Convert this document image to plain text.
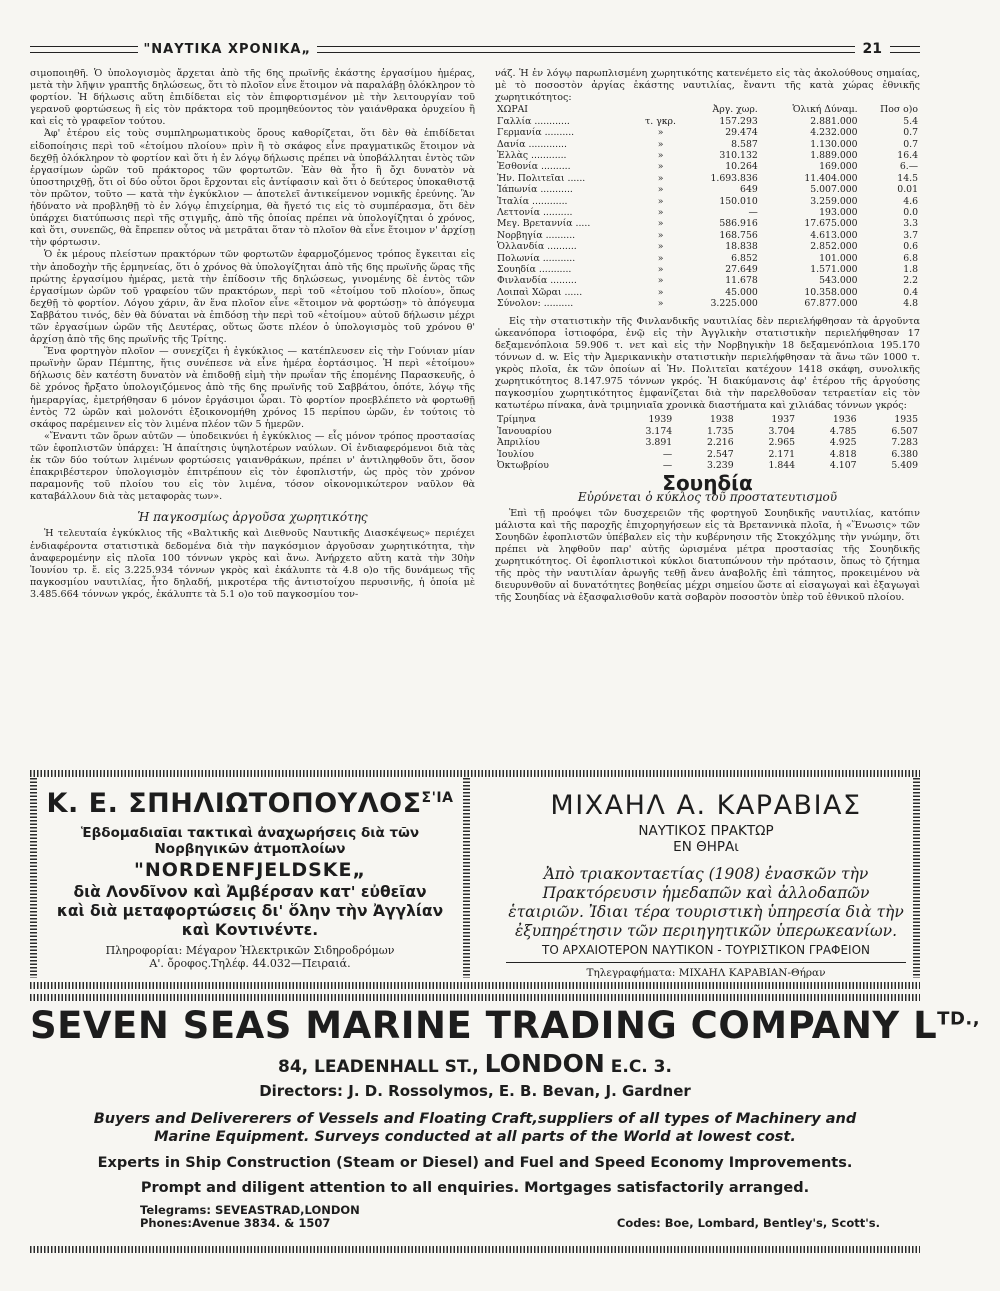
"ΝΑΥΤΙΚΑ ΧΡΟΝΙΚΑ„	21

σιμοποιηθῆ. Ὁ ὑπολογισμὸς ἄρχεται ἀπὸ τῆς 6ης πρωϊνῆς ἑκάστης ἐργασίμου ἡμέρας, μετὰ τὴν λῆψιν γραπτῆς δηλώσεως, ὅτι τὸ πλοῖον εἶνε ἕτοιμον νὰ παραλάβῃ ὁλόκληρον τὸ φορτίον. Ἡ δήλωσις αὕτη ἐπιδίδεται εἰς τὸν ἐπιφορτισμένον μὲ τὴν λειτουργίαν τοῦ γερανοῦ φορτώσεως ἢ εἰς τὸν πράκτορα τοῦ προμηθεύοντος τὸν γαιάνθρακα ὀρυχείου ἢ καὶ εἰς τὸ γραφεῖον τούτου.

Ἀφ' ἑτέρου εἰς τοὺς συμπληρωματικοὺς ὅρους καθορίζεται, ὅτι δὲν θὰ ἐπιδίδεται εἰδοποίησις περὶ τοῦ «ἑτοίμου πλοίου» πρὶν ἢ τὸ σκάφος εἶνε πραγματικῶς ἕτοιμον νὰ δεχθῇ ὁλόκληρον τὸ φορτίον καὶ ὅτι ἡ ἐν λόγῳ δήλωσις πρέπει νὰ ὑποβάλληται ἐντὸς τῶν ἐργασίμων ὡρῶν τοῦ πράκτορος τῶν φορτωτῶν. Ἐὰν θὰ ἦτο ἢ ὄχι δυνατὸν νὰ ὑποστηριχθῇ, ὅτι οἱ δύο οὗτοι ὅροι ἔρχονται εἰς ἀντίφασιν καὶ ὅτι ὁ δεύτερος ὑποκαθιστᾷ τὸν πρῶτον, τοῦτο — κατὰ τὴν ἐγκύκλιον — ἀποτελεῖ ἀντικείμενον νομικῆς ἐρεύνης. Ἂν ἠδύνατο νὰ προβληθῇ τὸ ἐν λόγῳ ἐπιχείρημα, θὰ ἤγετό τις εἰς τὸ συμπέρασμα, ὅτι δὲν ὑπάρχει διατύπωσις περὶ τῆς στιγμῆς, ἀπὸ τῆς ὁποίας πρέπει νὰ ὑπολογίζηται ὁ χρόνος, καὶ ὅτι, συνεπῶς, θὰ ἔπρεπεν οὗτος νὰ μετρᾶται ὅταν τὸ πλοῖον θὰ εἶνε ἕτοιμον ν' ἀρχίσῃ τὴν φόρτωσιν.

Ὁ ἐκ μέρους πλείστων πρακτόρων τῶν φορτωτῶν ἐφαρμοζόμενος τρόπος ἔγκειται εἰς τὴν ἀποδοχὴν τῆς ἑρμηνείας, ὅτι ὁ χρόνος θὰ ὑπολογίζηται ἀπὸ τῆς 6ης πρωϊνῆς ὥρας τῆς πρώτης ἐργασίμου ἡμέρας, μετὰ τὴν ἐπίδοσιν τῆς δηλώσεως, γινομένης δὲ ἐντὸς τῶν ἐργασίμων ὡρῶν τοῦ γραφείου τῶν πρακτόρων, περὶ τοῦ «ἑτοίμου τοῦ πλοίου», ὅπως δεχθῇ τὸ φορτίον. Λόγου χάριν, ἂν ἕνα πλοῖον εἶνε «ἕτοιμον νὰ φορτώσῃ» τὸ ἀπόγευμα Σαββάτου τινός, δὲν θὰ δύναται νὰ ἐπιδόσῃ τὴν περὶ τοῦ «ἑτοίμου» αὐτοῦ δήλωσιν μέχρι τῶν ἐργασίμων ὡρῶν τῆς Δευτέρας, οὕτως ὥστε πλέον ὁ ὑπολογισμὸς τοῦ χρόνου θ' ἀρχίσῃ ἀπὸ τῆς 6ης πρωϊνῆς τῆς Τρίτης.

Ἕνα φορτηγὸν πλοῖον — συνεχίζει ἡ ἐγκύκλιος — κατέπλευσεν εἰς τὴν Γούνιαν μίαν πρωϊνὴν ὥραν Πέμπτης, ἥτις συνέπεσε νὰ εἶνε ἡμέρα ἑορτάσιμος. Ἡ περὶ «ἑτοίμου» δήλωσις δὲν κατέστη δυνατὸν νὰ ἐπιδοθῇ εἰμὴ τὴν πρωΐαν τῆς ἑπομένης Παρασκευῆς, ὁ δὲ χρόνος ἤρξατο ὑπολογιζόμενος ἀπὸ τῆς 6ης πρωϊνῆς τοῦ Σαββάτου, ὁπότε, λόγῳ τῆς ἡμεραργίας, ἐμετρήθησαν 6 μόνον ἐργάσιμοι ὧραι. Τὸ φορτίον προεβλέπετο νὰ φορτωθῇ ἐντὸς 72 ὡρῶν καὶ μολονότι ἐξοικονομήθη χρόνος 15 περίπου ὡρῶν, ἐν τούτοις τὸ σκάφος παρέμεινεν εἰς τὸν λιμένα πλέον τῶν 5 ἡμερῶν.

«Ἔναντι τῶν ὅρων αὐτῶν — ὑποδεικνύει ἡ ἐγκύκλιος — εἷς μόνον τρόπος προστασίας τῶν ἐφοπλιστῶν ὑπάρχει: Ἡ ἀπαίτησις ὑψηλοτέρων ναύλων. Οἱ ἐνδιαφερόμενοι διὰ τὰς ἐκ τῶν δύο τούτων λιμένων φορτώσεις γαιανθράκων, πρέπει ν' ἀντιληφθοῦν ὅτι, ὅσον ἐπακριβέστερον ὑπολογισμὸν ἐπιτρέπουν εἰς τὸν ἐφοπλιστήν, ὡς πρὸς τὸν χρόνον παραμονῆς τοῦ πλοίου του εἰς τὸν λιμένα, τόσον οἰκονομικώτερον ναῦλον θὰ καταβάλλουν διὰ τὰς μεταφορὰς των».

Ἡ παγκοσμίως ἀργοῦσα χωρητικότης

Ἡ τελευταία ἐγκύκλιος τῆς «Βαλτικῆς καὶ Διεθνοῦς Ναυτικῆς Διασκέψεως» περιέχει ἐνδιαφέροντα στατιστικὰ δεδομένα διὰ τὴν παγκόσμιον ἀργοῦσαν χωρητικότητα, τὴν ἀναφερομένην εἰς πλοῖα 100 τόννων γκρὸς καὶ ἄνω. Ἀνήρχετο αὕτη κατὰ τὴν 30ὴν Ἰουνίου τρ. ἔ. εἰς 3.225.934 τόννων γκρὸς καὶ ἐκάλυπτε τὰ 4.8 ο)ο τῆς δυνάμεως τῆς παγκοσμίου ναυτιλίας, ἦτο δηλαδή, μικροτέρα τῆς ἀντιστοίχου περυσινῆς, ἡ ὁποία μὲ 3.485.664 τόννων γκρός, ἐκάλυπτε τὰ 5.1 ο)ο τοῦ παγκοσμίου τον-

νάζ. Ἡ ἐν λόγῳ παρωπλισμένη χωρητικότης κατενέμετο εἰς τὰς ἀκολούθους σημαίας, μὲ τὸ ποσοστὸν ἀργίας ἑκάστης ναυτιλίας, ἔναντι τῆς κατὰ χώρας ἐθνικῆς χωρητικότητος:

ΧΩΡΑΙ		Ἀργ. χωρ.	Ὁλική Δύναμ.	Ποσ ο)ο
Γαλλία ............	τ. γκρ.	157.293	2.881.000	5.4
Γερμανία ..........	»	29.474	4.232.000	0.7
Δανία .............	»	8.587	1.130.000	0.7
Ἑλλὰς ............	»	310.132	1.889.000	16.4
Ἐσθονία ..........	»	10.264	169.000	6.—
Ἡν. Πολιτεῖαι ......	»	1.693.836	11.404.000	14.5
Ἰάπωνία ...........	»	649	5.007.000	0.01
Ἰταλία ............	»	150.010	3.259.000	4.6
Λεττονία ..........	»	—	193.000	0.0
Μεγ. Βρεταννία .....	»	586.916	17.675.000	3.3
Νορβηγία ..........	»	168.756	4.613.000	3.7
Ὁλλανδία ..........	»	18.838	2.852.000	0.6
Πολωνία ...........	»	6.852	101.000	6.8
Σουηδία ...........	»	27.649	1.571.000	1.8
Φινλανδία .........	»	11.678	543.000	2.2
Λοιπαὶ Χῶραι ......	»	45.000	10.358.000	0.4
Σύνολον: ..........	»	3.225.000	67.877.000	4.8

Εἰς τὴν στατιστικὴν τῆς Φινλανδικῆς ναυτιλίας δὲν περιελήφθησαν τὰ ἀργοῦντα ὠκεανόπορα ἱστιοφόρα, ἐνῷ εἰς τὴν Ἀγγλικὴν στατιστικὴν περιελήφθησαν 17 δεξαμενόπλοια 59.906 τ. νετ καὶ εἰς τὴν Νορβηγικὴν 18 δεξαμενόπλοια 195.170 τόννων d. w. Εἰς τὴν Ἀμερικανικὴν στατιστικὴν περιελήφθησαν τὰ ἄνω τῶν 1000 τ. γκρὸς πλοῖα, ἐκ τῶν ὁποίων αἱ Ἡν. Πολιτεῖαι κατέχουν 1418 σκάφη, συνολικῆς χωρητικότητος 8.147.975 τόννων γκρός. Ἡ διακύμανσις ἀφ' ἑτέρου τῆς ἀργούσης παγκοσμίου χωρητικότητος ἐμφανίζεται διὰ τὴν παρελθοῦσαν τετραετίαν εἰς τὸν κατωτέρω πίνακα, ἀνὰ τριμηνιαῖα χρονικὰ διαστήματα καὶ χιλιάδας τόννων γκρός:

Τρίμηνα	1939	1938	1937	1936	1935
Ἰανουαρίου	3.174	1.735	3.704	4.785	6.507
Ἀπριλίου	3.891	2.216	2.965	4.925	7.283
Ἰουλίου	—	2.547	2.171	4.818	6.380
Ὀκτωβρίου	—	3.239	1.844	4.107	5.409
Σουηδία
Εὐρύνεται ὁ κύκλος τοῦ προστατευτισμοῦ

Ἐπὶ τῇ προόψει τῶν δυσχερειῶν τῆς φορτηγοῦ Σουηδικῆς ναυτιλίας, κατόπιν μάλιστα καὶ τῆς παροχῆς ἐπιχορηγήσεων εἰς τὰ Βρεταννικὰ πλοῖα, ἡ «Ἕνωσις» τῶν Σουηδῶν ἐφοπλιστῶν ὑπέβαλεν εἰς τὴν κυβέρνησιν τῆς Στοκχόλμης τὴν γνώμην, ὅτι πρέπει νὰ ληφθοῦν παρ' αὐτῆς ὡρισμένα μέτρα προστασίας τῆς Σουηδικῆς χωρητικότητος. Οἱ ἐφοπλιστικοὶ κύκλοι διατυπώνουν τὴν πρότασιν, ὅπως τὸ ζήτημα τῆς πρὸς τὴν ναυτιλίαν ἀρωγῆς τεθῇ ἄνευ ἀναβολῆς ἐπὶ τάπητος, προκειμένου νὰ διευρυνθοῦν αἱ δυνατότητες βοηθείας μέχρι σημείου ὥστε αἱ εἰσαγωγαὶ καὶ ἐξαγωγαὶ τῆς Σουηδίας νὰ ἐξασφαλισθοῦν κατὰ σοβαρὸν ποσοστὸν ὑπὲρ τοῦ ἐθνικοῦ πλοίου.

Κ. Ε. $\Sigma\Pi H\Lambda I\Omega TO\Pi O\Upsilon\Lambda O\Sigma^{\Sigma'IA}$
Ἑβδομαδιαῖαι τακτικαὶ ἀναχωρήσεις διὰ τῶν
Νορβηγικῶν ἀτμοπλοίων
"NORDENFJELDSKE„
διὰ Λονδῖνον καὶ Ἀμβέρσαν κατ' εὐθεῖαν
καὶ διὰ μεταφορτώσεις δι' ὅλην τὴν Ἀγγλίαν
καὶ Κοντινέντε.
Πληροφορίαι: Μέγαρον Ἡλεκτρικῶν Σιδηροδρόμων
Α'. ὄροφος.Τηλέφ. 44.032—Πειραιά.
ΜΙΧΑΗΛ Α. ΚΑΡΑΒΙΑΣ
ΝΑΥΤΙΚΟΣ ΠΡΑΚΤΩΡ
ΕΝ ΘΗΡΑι
Ἀπὸ τριακονταετίας (1908) ἐνασκῶν τὴν Πρακτόρευσιν ἡμεδαπῶν καὶ ἀλλοδαπῶν ἑταιριῶν. Ἰδιαι τέρα τουριστικὴ ὑπηρεσία διὰ τὴν ἐξυπηρέτησιν τῶν περιηγητικῶν ὑπερωκεανίων.
ΤΟ ΑΡΧΑΙΟΤΕΡΟΝ ΝΑΥΤΙΚΟΝ - ΤΟΥΡΙΣΤΙΚΟΝ ΓΡΑΦΕΙΟΝ
Τηλεγραφήματα: ΜΙΧΑΗΛ ΚΑΡΑΒΙΑΝ-Θήραν
SEVEN SEAS MARINE TRADING COMPANY $L^{TD.,}$
84, LEADENHALL ST., LONDON E.C. 3.
Directors: J. D. Rossolymos, E. B. Bevan, J. Gardner
Buyers and Delivererers of Vessels and Floating Craft,suppliers of all types of Machinery and Marine Equipment. Surveys conducted at all parts of the World at lowest cost.
Experts in Ship Construction (Steam or Diesel) and Fuel and Speed Economy Improvements.
Prompt and diligent attention to all enquiries. Mortgages satisfactorily arranged.
Telegrams: SEVEASTRAD,LONDON
Phones:Avenue 3834. & 1507	Codes: Boe, Lombard, Bentley's, Scott's.
